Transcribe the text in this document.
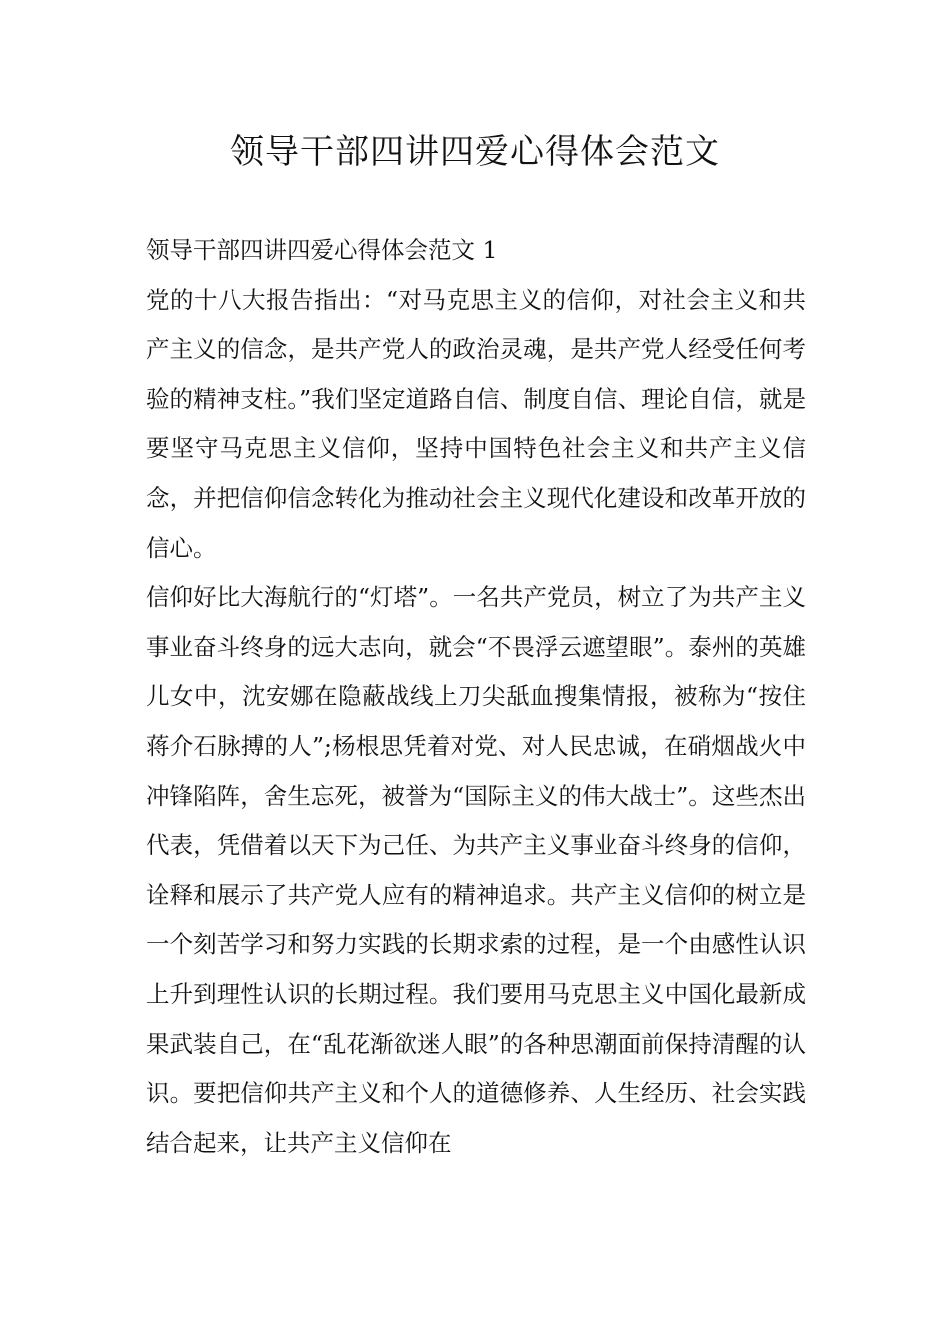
领导干部四讲四爱心得体会范文

领导干部四讲四爱心得体会范文 1

党的十八大报告指出：“对马克思主义的信仰，对社会主义和共产主义的信念，是共产党人的政治灵魂，是共产党人经受任何考验的精神支柱。”我们坚定道路自信、制度自信、理论自信，就是要坚守马克思主义信仰，坚持中国特色社会主义和共产主义信念，并把信仰信念转化为推动社会主义现代化建设和改革开放的信心。

信仰好比大海航行的“灯塔”。一名共产党员，树立了为共产主义事业奋斗终身的远大志向，就会“不畏浮云遮望眼”。泰州的英雄儿女中，沈安娜在隐蔽战线上刀尖舐血搜集情报，被称为“按住蒋介石脉搏的人”;杨根思凭着对党、对人民忠诚，在硝烟战火中冲锋陷阵，舍生忘死，被誉为“国际主义的伟大战士”。这些杰出代表，凭借着以天下为己任、为共产主义事业奋斗终身的信仰，诠释和展示了共产党人应有的精神追求。共产主义信仰的树立是一个刻苦学习和努力实践的长期求索的过程，是一个由感性认识上升到理性认识的长期过程。我们要用马克思主义中国化最新成果武装自己，在“乱花渐欲迷人眼”的各种思潮面前保持清醒的认识。要把信仰共产主义和个人的道德修养、人生经历、社会实践结合起来，让共产主义信仰在
